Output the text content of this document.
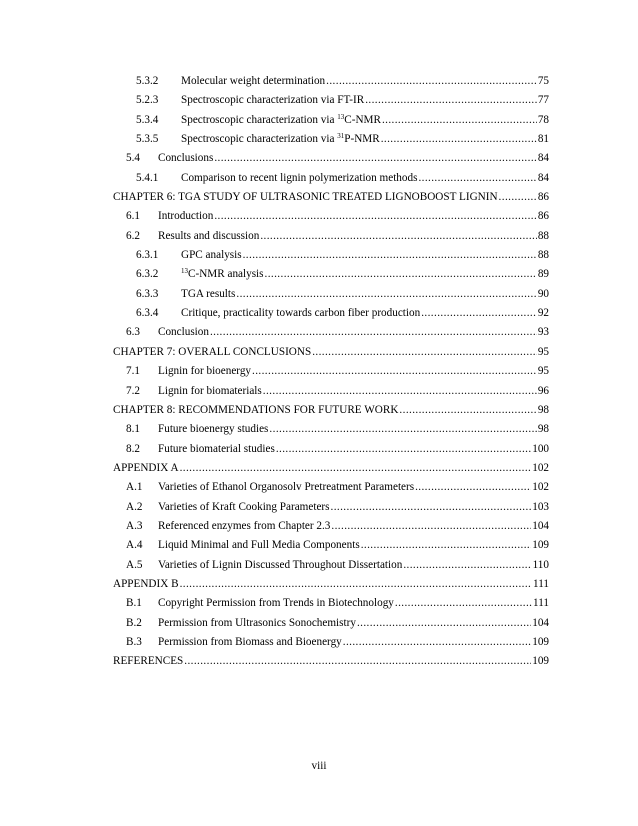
5.3.2	Molecular weight determination .....	75
5.2.3	Spectroscopic characterization via FT-IR .....	77
5.3.4	Spectroscopic characterization via $^{13}$C-NMR .....	78
5.3.5	Spectroscopic characterization via $^{31}$P-NMR .....	81
5.4	Conclusions .....	84
5.4.1	Comparison to recent lignin polymerization methods .....	84
CHAPTER 6: TGA STUDY OF ULTRASONIC TREATED LIGNOBOOST LIGNIN .....	86
6.1	Introduction .....	86
6.2	Results and discussion .....	88
6.3.1	GPC analysis .....	88
6.3.2	$^{13}$C-NMR analysis .....	89
6.3.3	TGA results .....	90
6.3.4	Critique, practicality towards carbon fiber production .....	92
6.3	Conclusion .....	93
CHAPTER 7: OVERALL CONCLUSIONS .....	95
7.1	Lignin for bioenergy .....	95
7.2	Lignin for biomaterials .....	96
CHAPTER 8: RECOMMENDATIONS FOR FUTURE WORK .....	98
8.1	Future bioenergy studies .....	98
8.2	Future biomaterial studies .....	100
APPENDIX A .....	102
A.1	Varieties of Ethanol Organosolv Pretreatment Parameters .....	102
A.2	Varieties of Kraft Cooking Parameters .....	103
A.3	Referenced enzymes from Chapter 2.3 .....	104
A.4	Liquid Minimal and Full Media Components .....	109
A.5	Varieties of Lignin Discussed Throughout Dissertation .....	110
APPENDIX B .....	111
B.1	Copyright Permission from Trends in Biotechnology .....	111
B.2	Permission from Ultrasonics Sonochemistry .....	104
B.3	Permission from Biomass and Bioenergy .....	109
REFERENCES .....	109
viii
